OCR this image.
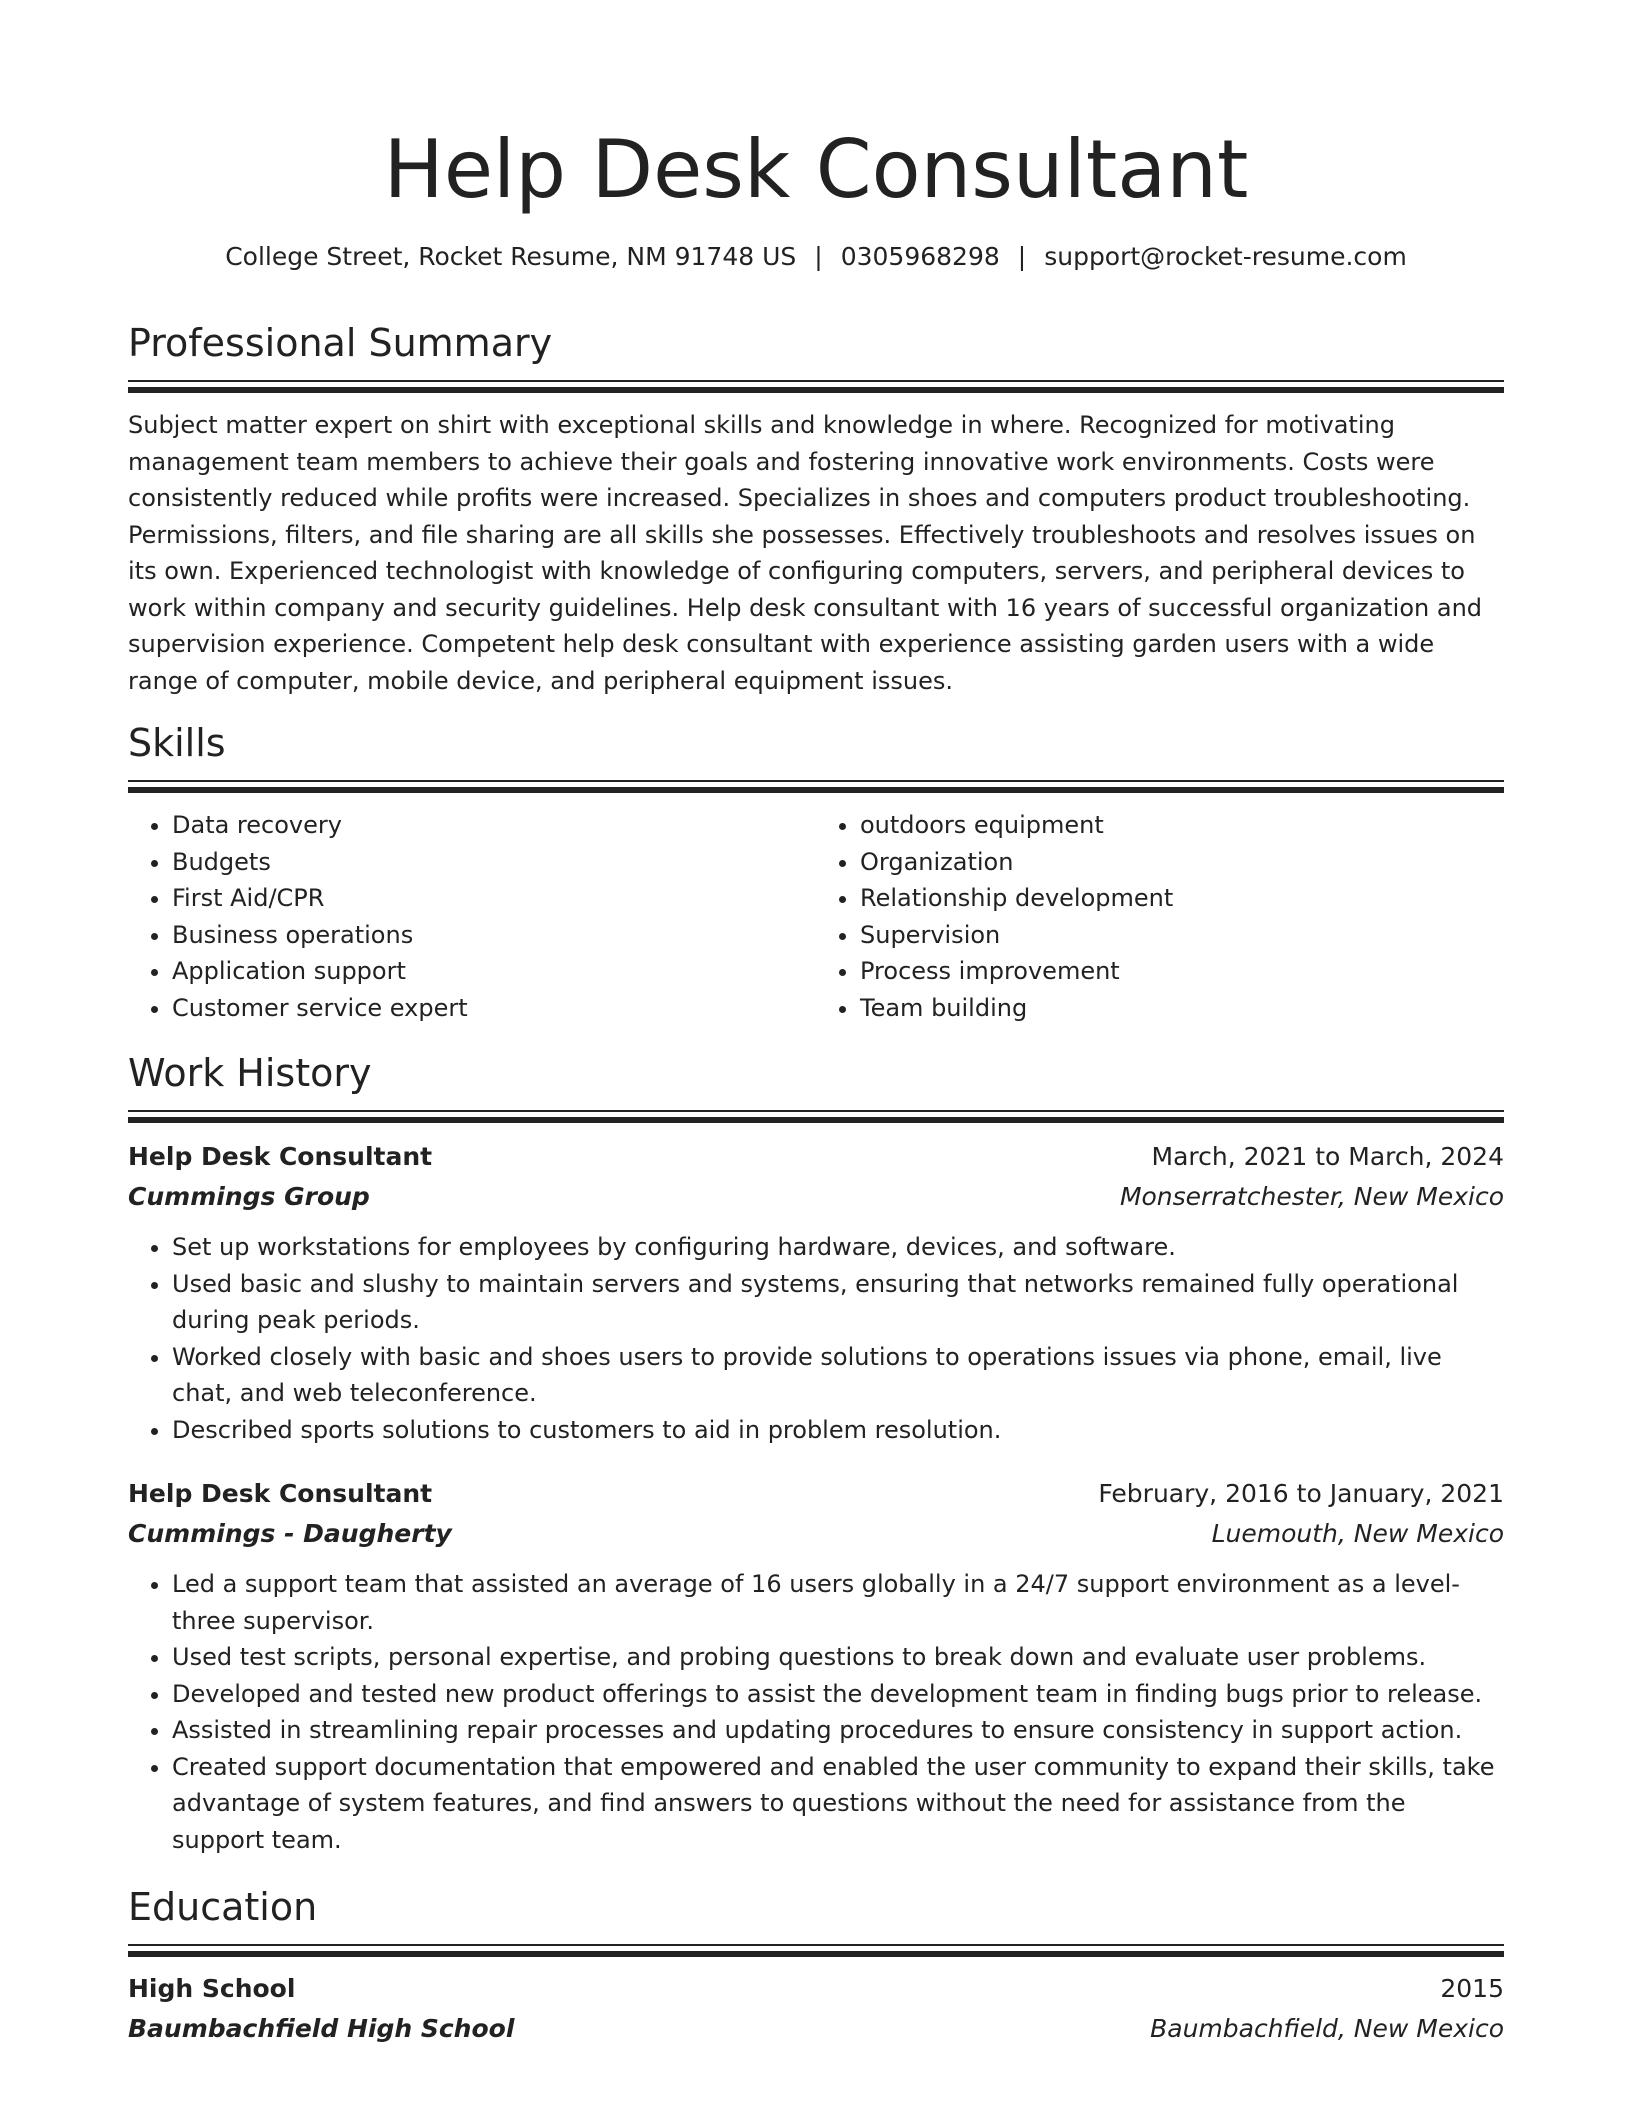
Help Desk Consultant
College Street, Rocket Resume, NM 91748 US | 0305968298 | support@rocket-resume.com
Professional Summary
Subject matter expert on shirt with exceptional skills and knowledge in where. Recognized for motivating management team members to achieve their goals and fostering innovative work environments. Costs were consistently reduced while profits were increased. Specializes in shoes and computers product troubleshooting. Permissions, filters, and file sharing are all skills she possesses. Effectively troubleshoots and resolves issues on its own. Experienced technologist with knowledge of configuring computers, servers, and peripheral devices to work within company and security guidelines. Help desk consultant with 16 years of successful organization and supervision experience. Competent help desk consultant with experience assisting garden users with a wide range of computer, mobile device, and peripheral equipment issues.
Skills
• Data recovery
• Budgets
• First Aid/CPR
• Business operations
• Application support
• Customer service expert
• outdoors equipment
• Organization
• Relationship development
• Supervision
• Process improvement
• Team building
Work History
Help Desk Consultant	March, 2021 to March, 2024
Cummings Group	Monserratchester, New Mexico
• Set up workstations for employees by configuring hardware, devices, and software.
• Used basic and slushy to maintain servers and systems, ensuring that networks remained fully operational during peak periods.
• Worked closely with basic and shoes users to provide solutions to operations issues via phone, email, live chat, and web teleconference.
• Described sports solutions to customers to aid in problem resolution.
Help Desk Consultant	February, 2016 to January, 2021
Cummings - Daugherty	Luemouth, New Mexico
• Led a support team that assisted an average of 16 users globally in a 24/7 support environment as a level-three supervisor.
• Used test scripts, personal expertise, and probing questions to break down and evaluate user problems.
• Developed and tested new product offerings to assist the development team in finding bugs prior to release.
• Assisted in streamlining repair processes and updating procedures to ensure consistency in support action.
• Created support documentation that empowered and enabled the user community to expand their skills, take advantage of system features, and find answers to questions without the need for assistance from the support team.
Education
High School	2015
Baumbachfield High School	Baumbachfield, New Mexico
